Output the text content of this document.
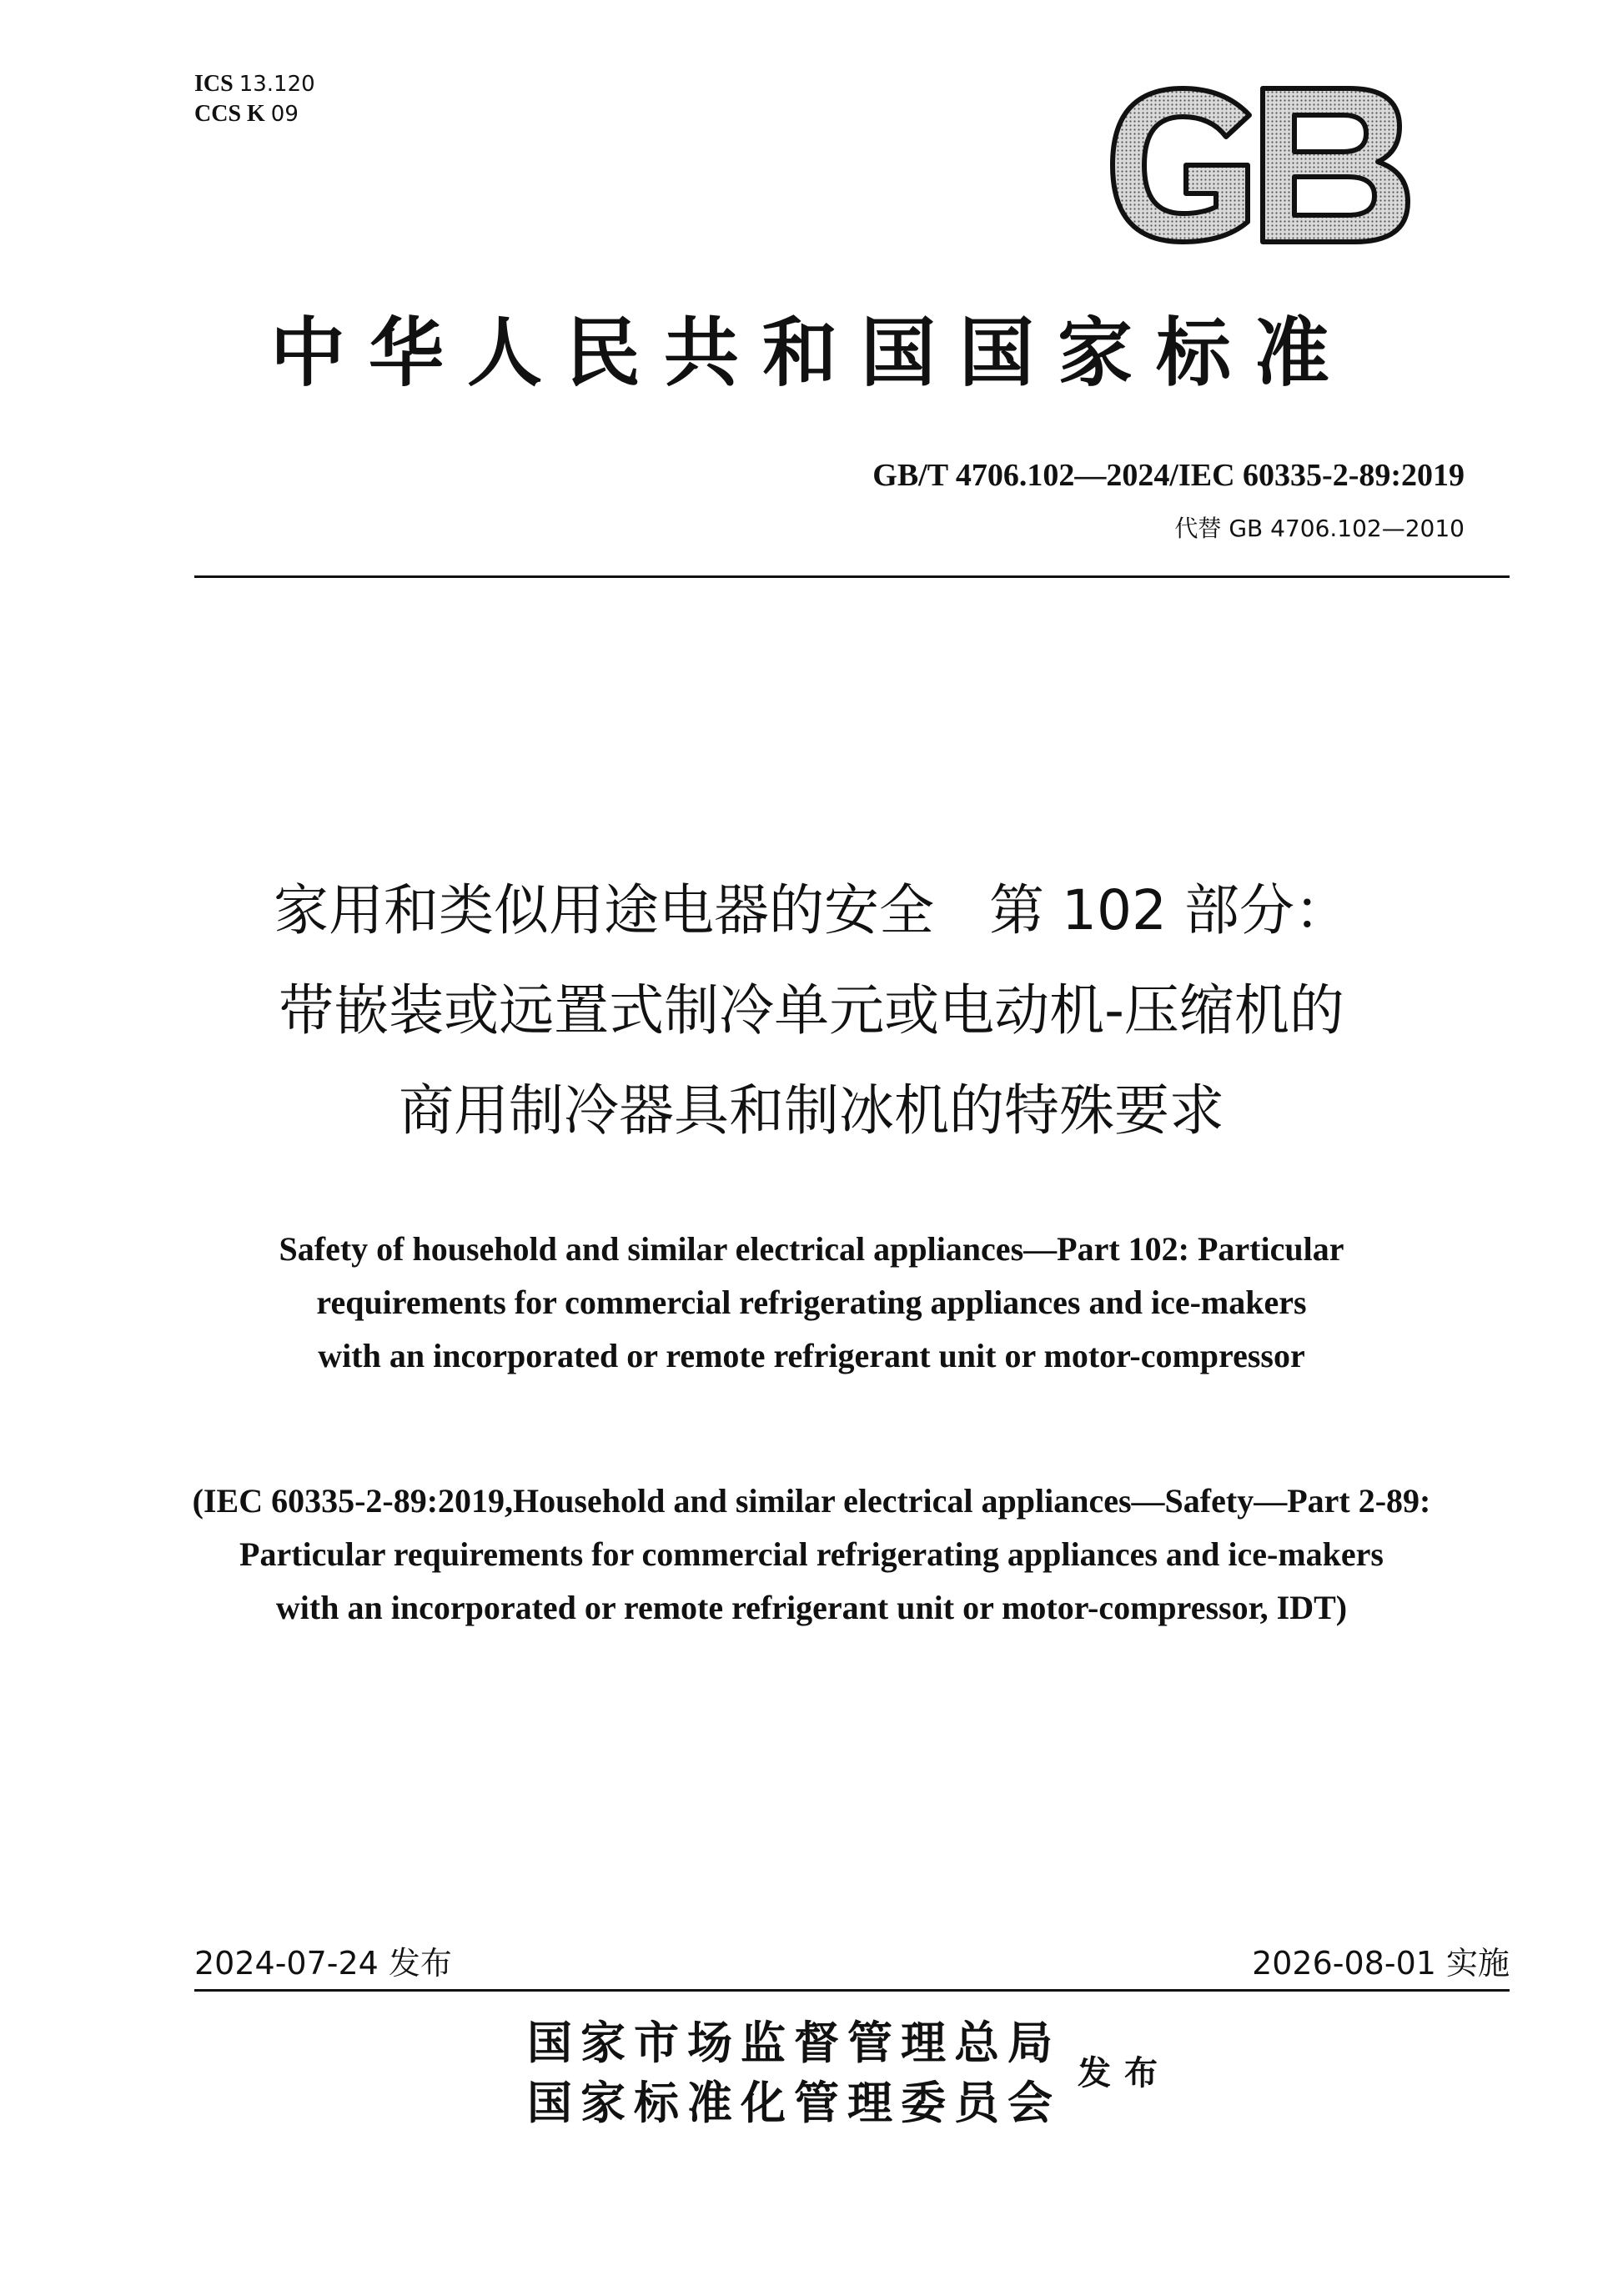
ICS 13.120
CCS K 09
中华人民共和国国家标准
GB/T 4706.102—2024/IEC 60335-2-89:2019
代替 GB 4706.102—2010
家用和类似用途电器的安全　第 102 部分：
带嵌装或远置式制冷单元或电动机-压缩机的
商用制冷器具和制冰机的特殊要求
Safety of household and similar electrical appliances—Part 102: Particular
requirements for commercial refrigerating appliances and ice-makers
with an incorporated or remote refrigerant unit or motor-compressor
(IEC 60335-2-89:2019,Household and similar electrical appliances—Safety—Part 2-89:
Particular requirements for commercial refrigerating appliances and ice-makers
with an incorporated or remote refrigerant unit or motor-compressor, IDT)
2024-07-24 发布	2026-08-01 实施
国家市场监督管理总局
国家标准化管理委员会
发布
